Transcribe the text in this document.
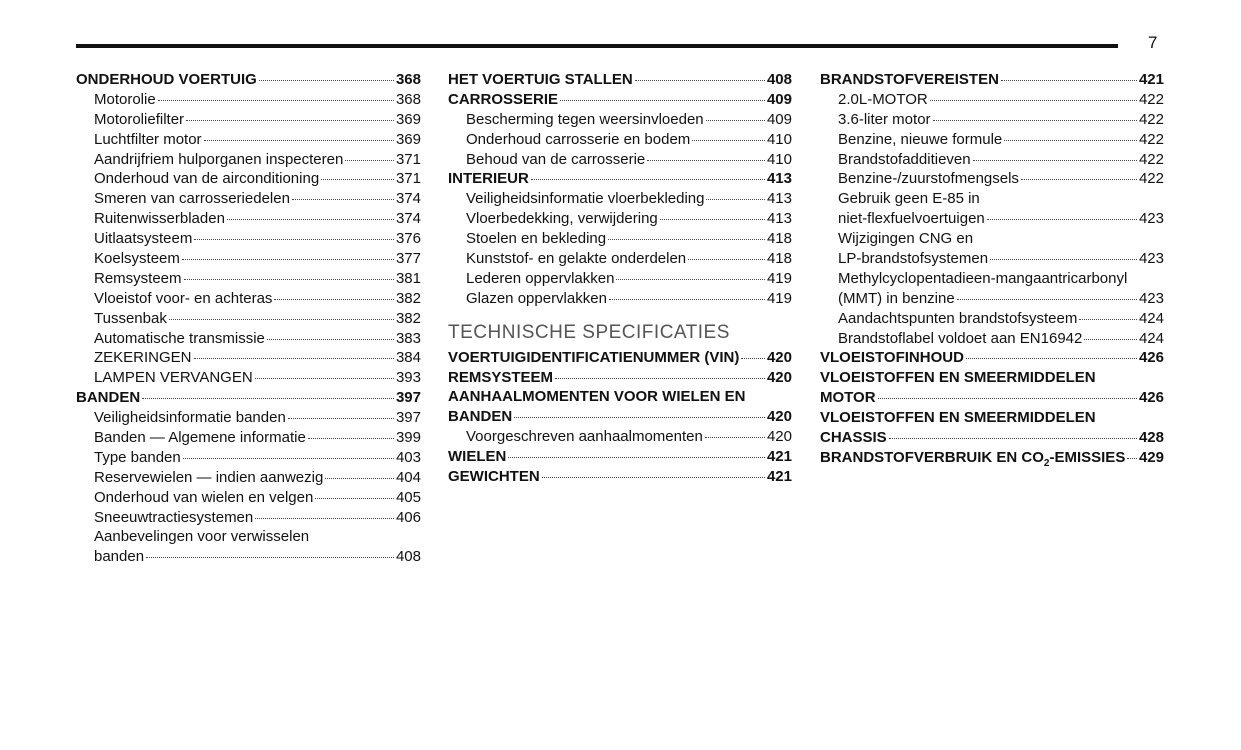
7
ONDERHOUD VOERTUIG	368
Motorolie	368
Motoroliefilter	369
Luchtfilter motor	369
Aandrijfriem hulporganen inspecteren	371
Onderhoud van de airconditioning	371
Smeren van carrosseriedelen	374
Ruitenwisserbladen	374
Uitlaatsysteem	376
Koelsysteem	377
Remsysteem	381
Vloeistof voor- en achteras	382
Tussenbak	382
Automatische transmissie	383
ZEKERINGEN	384
LAMPEN VERVANGEN	393
BANDEN	397
Veiligheidsinformatie banden	397
Banden — Algemene informatie	399
Type banden	403
Reservewielen — indien aanwezig	404
Onderhoud van wielen en velgen	405
Sneeuwtractiesystemen	406
Aanbevelingen voor verwisselen
banden	408
HET VOERTUIG STALLEN	408
CARROSSERIE	409
Bescherming tegen weersinvloeden	409
Onderhoud carrosserie en bodem	410
Behoud van de carrosserie	410
INTERIEUR	413
Veiligheidsinformatie vloerbekleding	413
Vloerbedekking, verwijdering	413
Stoelen en bekleding	418
Kunststof- en gelakte onderdelen	418
Lederen oppervlakken	419
Glazen oppervlakken	419
TECHNISCHE SPECIFICATIES
VOERTUIGIDENTIFICATIENUMMER (VIN) 420
REMSYSTEEM	420
AANHAALMOMENTEN VOOR WIELEN EN
BANDEN	420
Voorgeschreven aanhaalmomenten	420
WIELEN	421
GEWICHTEN	421
BRANDSTOFVEREISTEN	421
2.0L-MOTOR	422
3.6-liter motor	422
Benzine, nieuwe formule	422
Brandstofadditieven	422
Benzine-/zuurstofmengsels	422
Gebruik geen E-85 in
niet-flexfuelvoertuigen	423
Wijzigingen CNG en
LP-brandstofsystemen	423
Methylcyclopentadieen-mangaantricarbonyl
(MMT) in benzine	423
Aandachtspunten brandstofsysteem	424
Brandstoflabel voldoet aan EN16942	424
VLOEISTOFINHOUD	426
VLOEISTOFFEN EN SMEERMIDDELEN
MOTOR	426
VLOEISTOFFEN EN SMEERMIDDELEN
CHASSIS	428
BRANDSTOFVERBRUIK EN $CO_2$-EMISSIES 429
